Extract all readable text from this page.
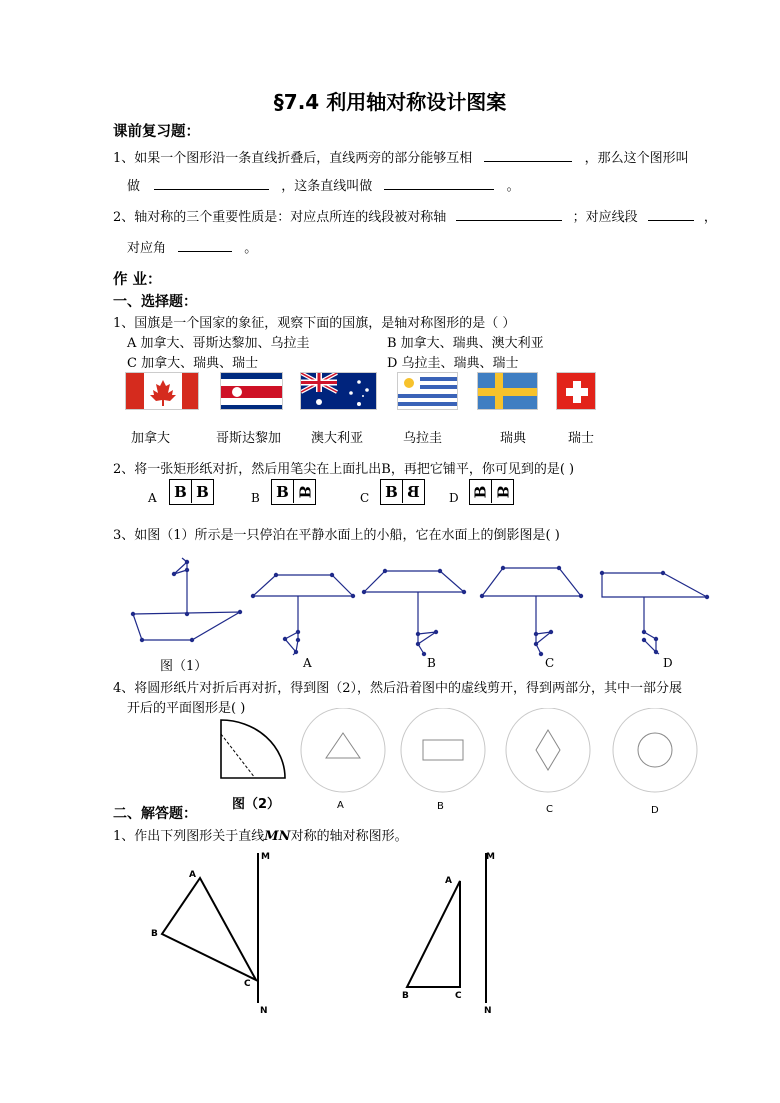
§7.4 利用轴对称设计图案
课前复习题：
1、如果一个图形沿一条直线折叠后，直线两旁的部分能够互相	，那么这个图形叫
做	，这条直线叫做	。
2、轴对称的三个重要性质是：对应点所连的线段被对称轴	；对应线段	，
对应角	。
作 业：
一、选择题：
1、国旗是一个国家的象征，观察下面的国旗，是轴对称图形的是（ ）
A 加拿大、哥斯达黎加、乌拉圭	B 加拿大、瑞典、澳大利亚
C 加拿大、瑞典、瑞士	D 乌拉圭、瑞典、瑞士
加拿大	哥斯达黎加 澳大利亚	乌拉圭	瑞典	瑞士
2、将一张矩形纸对折，然后用笔尖在上面扎出B，再把它铺平，你可见到的是( )
A B B	B B B	C B B D B B
3、如图（1）所示是一只停泊在平静水面上的小船，它在水面上的倒影图是( )
图（1）	A	B	C	D
4、将圆形纸片对折后再对折，得到图（2），然后沿着图中的虚线剪开，得到两部分，其中一部分展
开后的平面图形是( )
图（2）	A	B	C	D
二、解答题：
1、作出下列图形关于直线MN对称的轴对称图形。
M
N
A
B
C
M
N
A
B	C
